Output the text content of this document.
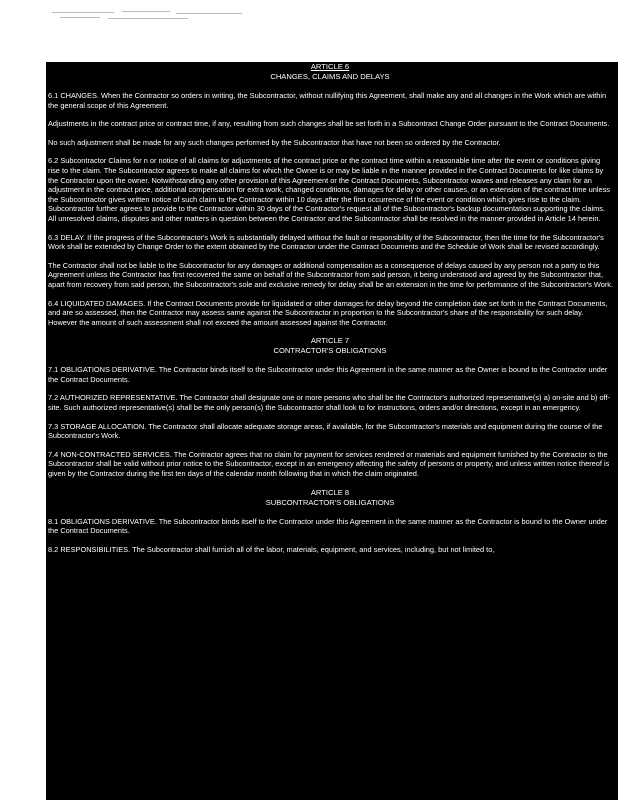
ARTICLE 6
CHANGES, CLAIMS AND DELAYS

6.1 CHANGES. When the Contractor so orders in writing, the Subcontractor, without nullifying this Agreement, shall make any and all changes in the Work which are within the general scope of this Agreement.

Adjustments in the contract price or contract time, if any, resulting from such changes shall be set forth in a Subcontract Change Order pursuant to the Contract Documents.

No such adjustment shall be made for any such changes performed by the Subcontractor that have not been so ordered by the Contractor.

6.2 Subcontractor Claims for n or notice of all claims for adjustments of the contract price or the contract time within a reasonable time after the event or conditions giving rise to the claim. The Subcontractor agrees to make all claims for which the Owner is or may be liable in the manner provided in the Contract Documents for like claims by the Contractor upon the owner. Notwithstanding any other provision of this Agreement or the Contract Documents, Subcontractor waives and releases any claim for an adjustment in the contract price, additional compensation for extra work, changed conditions, damages for delay or other causes, or an extension of the contract time unless the Subcontractor gives written notice of such claim to the Contractor within 10 days after the first occurrence of the event or condition which gives rise to the claim. Subcontractor further agrees to provide to the Contractor within 30 days of the Contractor's request all of the Subcontractor's backup documentation supporting the claims. All unresolved claims, disputes and other matters in question between the Contractor and the Subcontractor shall be resolved in the manner provided in Article 14 herein.

6.3 DELAY. If the progress of the Subcontractor's Work is substantially delayed without the fault or responsibility of the Subcontractor, then the time for the Subcontractor's Work shall be extended by Change Order to the extent obtained by the Contractor under the Contract Documents and the Schedule of Work shall be revised accordingly.

The Contractor shall not be liable to the Subcontractor for any damages or additional compensation as a consequence of delays caused by any person not a party to this Agreement unless the Contractor has first recovered the same on behalf of the Subcontractor from said person, it being understood and agreed by the Subcontractor that, apart from recovery from said person, the Subcontractor's sole and exclusive remedy for delay shall be an extension in the time for performance of the Subcontractor's Work.

6.4 LIQUIDATED DAMAGES. If the Contract Documents provide for liquidated or other damages for delay beyond the completion date set forth in the Contract Documents, and are so assessed, then the Contractor may assess same against the Subcontractor in proportion to the Subcontractor's share of the responsibility for such delay. However the amount of such assessment shall not exceed the amount assessed against the Contractor.

ARTICLE 7
CONTRACTOR'S OBLIGATIONS

7.1 OBLIGATIONS DERIVATIVE. The Contractor binds itself to the Subcontractor under this Agreement in the same manner as the Owner is bound to the Contractor under the Contract Documents.

7.2 AUTHORIZED REPRESENTATIVE. The Contractor shall designate one or more persons who shall be the Contractor's authorized representative(s) a) on-site and b) off-site. Such authorized representative(s) shall be the only person(s) the Subcontractor shall look to for instructions, orders and/or directions, except in an emergency.

7.3 STORAGE ALLOCATION. The Contractor shall allocate adequate storage areas, if available, for the Subcontractor's materials and equipment during the course of the Subcontractor's Work.

7.4 NON-CONTRACTED SERVICES. The Contractor agrees that no claim for payment for services rendered or materials and equipment furnished by the Contractor to the Subcontractor shall be valid without prior notice to the Subcontractor, except in an emergency affecting the safety of persons or property, and unless written notice thereof is given by the Contractor during the first ten days of the calendar month following that in which the claim originated.

ARTICLE 8
SUBCONTRACTOR'S OBLIGATIONS

8.1 OBLIGATIONS DERIVATIVE. The Subcontractor binds itself to the Contractor under this Agreement in the same manner as the Contractor is bound to the Owner under the Contract Documents.

8.2 RESPONSIBILITIES. The Subcontractor shall furnish all of the labor, materials, equipment, and services, including, but not limited to,
